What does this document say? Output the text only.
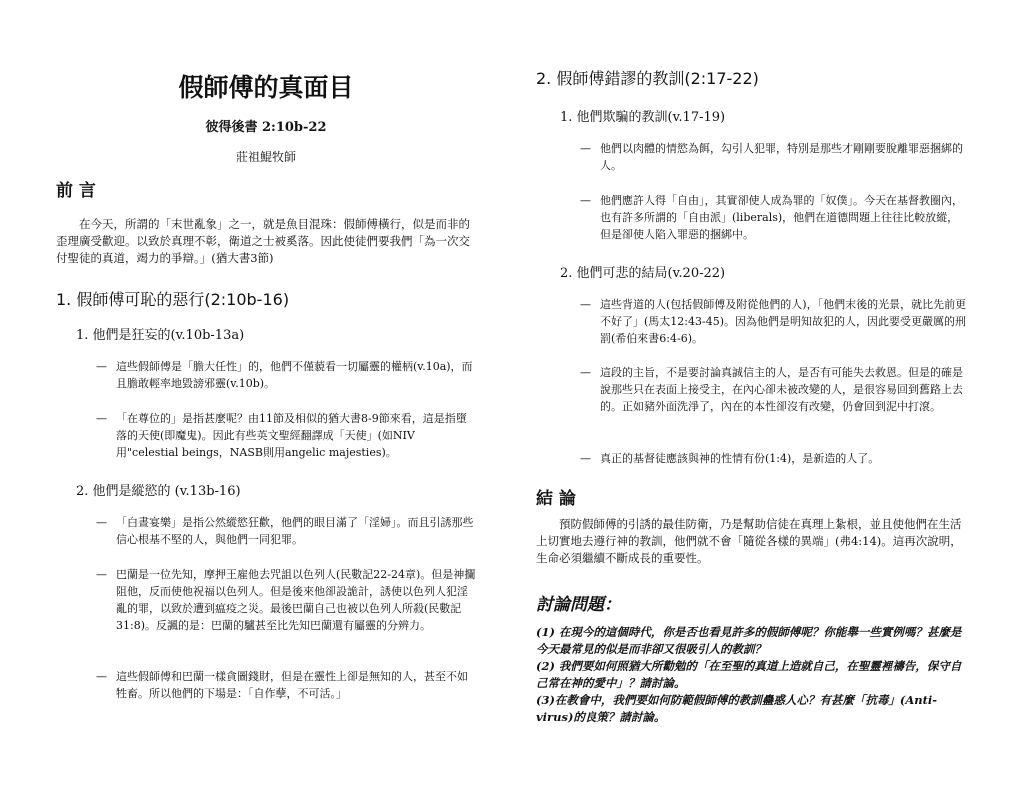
假師傅的真面目
彼得後書 2:10b-22
莊祖鯤牧師
前 言
在今天，所謂的「末世亂象」之一，就是魚目混珠：假師傅橫行，似是而非的歪理廣受歡迎。以致於真理不彰，衛道之士被奚落。因此使徒們要我們「為一次交付聖徒的真道，竭力的爭辯。」(猶大書3節)
1. 假師傅可恥的惡行(2:10b-16)
1. 他們是狂妄的(v.10b-13a)
— 這些假師傅是「膽大任性」的，他們不僅藐看一切屬靈的權柄(v.10a)，而且膽敢輕率地毀謗邪靈(v.10b)。
— 「在尊位的」是指甚麼呢？由11節及相似的猶大書8-9節來看，這是指墮落的天使(即魔鬼)。因此有些英文聖經翻譯成「天使」(如NIV用"celestial beings，NASB則用angelic majesties)。
2. 他們是縱慾的 (v.13b-16)
— 「白晝宴樂」是指公然縱慾狂歡，他們的眼目滿了「淫婦」。而且引誘那些信心根基不堅的人，與他們一同犯罪。
— 巴蘭是一位先知，摩押王雇他去咒詛以色列人(民數記22-24章)。但是神攔阻他，反而使他祝福以色列人。但是後來他卻設詭計，誘使以色列人犯淫亂的罪，以致於遭到瘟疫之災。最後巴蘭自己也被以色列人所殺(民數記31:8)。反諷的是：巴蘭的驢甚至比先知巴蘭還有屬靈的分辨力。
— 這些假師傅和巴蘭一樣貪圖錢財，但是在靈性上卻是無知的人，甚至不如牲畜。所以他們的下場是：「自作孽，不可活。」
2. 假師傅錯謬的教訓(2:17-22)
1. 他們欺騙的教訓(v.17-19)
— 他們以肉體的情慾為餌，勾引人犯罪，特別是那些才剛剛要脫離罪惡捆綁的人。
— 他們應許人得「自由」，其實卻使人成為罪的「奴僕」。今天在基督教圈內，也有許多所謂的「自由派」(liberals)，他們在道德問題上往往比較放縱，但是卻使人陷入罪惡的捆綁中。
2. 他們可悲的結局(v.20-22)
— 這些背道的人(包括假師傅及附從他們的人)，「他們末後的光景，就比先前更不好了」(馬太12:43-45)。因為他們是明知故犯的人，因此要受更嚴厲的刑罰(希伯來書6:4-6)。
— 這段的主旨，不是要討論真誠信主的人，是否有可能失去救恩。但是的確是說那些只在表面上接受主，在內心卻未被改變的人，是很容易回到舊路上去的。正如豬外面洗淨了，內在的本性卻沒有改變，仍會回到泥中打滾。
— 真正的基督徒應該與神的性情有份(1:4)，是新造的人了。
結 論
預防假師傅的引誘的最佳防衛，乃是幫助信徒在真理上紮根，並且使他們在生活上切實地去遵行神的教訓，他們就不會「隨從各樣的異端」(弗4:14)。這再次說明，生命必須繼續不斷成長的重要性。
討論問題：
(1) 在現今的這個時代，你是否也看見許多的假師傅呢？你能舉一些實例嗎？甚麼是今天最常見的似是而非卻又很吸引人的教訓？
(2) 我們要如何照猶大所勸勉的「在至聖的真道上造就自己，在聖靈裡禱告，保守自己常在神的愛中」？請討論。
(3)在教會中，我們要如何防範假師傅的教訓蠱惑人心？有甚麼「抗毒」(Anti-virus)的良策？請討論。
